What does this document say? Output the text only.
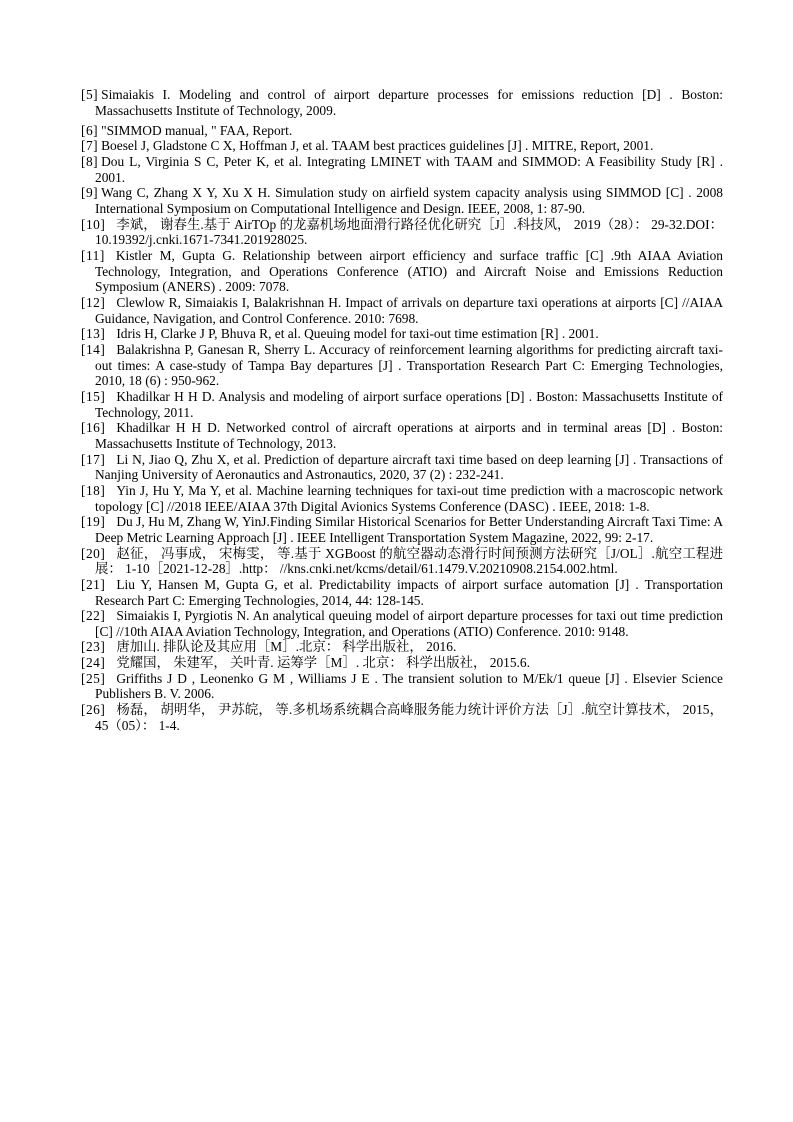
[5] Simaiakis I. Modeling and control of airport departure processes for emissions reduction [D] . Boston: Massachusetts Institute of Technology, 2009.

[6] "SIMMOD manual, " FAA, Report.

[7] Boesel J, Gladstone C X, Hoffman J, et al. TAAM best practices guidelines [J] . MITRE, Report, 2001.

[8] Dou L, Virginia S C, Peter K, et al. Integrating LMINET with TAAM and SIMMOD: A Feasibility Study [R] . 2001.

[9] Wang C, Zhang X Y, Xu X H. Simulation study on airfield system capacity analysis using SIMMOD [C] . 2008 International Symposium on Computational Intelligence and Design. IEEE, 2008, 1: 87-90.

[10] 李斌， 谢春生.基于 AirTOp 的龙嘉机场地面滑行路径优化研究［J］.科技风， 2019（28）： 29-32.DOI： 10.19392/j.cnki.1671-7341.201928025.

[11] Kistler M, Gupta G. Relationship between airport efficiency and surface traffic [C] .9th AIAA Aviation Technology, Integration, and Operations Conference (ATIO) and Aircraft Noise and Emissions Reduction Symposium (ANERS) . 2009: 7078.

[12] Clewlow R, Simaiakis I, Balakrishnan H. Impact of arrivals on departure taxi operations at airports [C] //AIAA Guidance, Navigation, and Control Conference. 2010: 7698.

[13] Idris H, Clarke J P, Bhuva R, et al. Queuing model for taxi-out time estimation [R] . 2001.

[14] Balakrishna P, Ganesan R, Sherry L. Accuracy of reinforcement learning algorithms for predicting aircraft taxi-out times: A case-study of Tampa Bay departures [J] . Transportation Research Part C: Emerging Technologies, 2010, 18 (6) : 950-962.

[15] Khadilkar H H D. Analysis and modeling of airport surface operations [D] . Boston: Massachusetts Institute of Technology, 2011.

[16] Khadilkar H H D. Networked control of aircraft operations at airports and in terminal areas [D] . Boston: Massachusetts Institute of Technology, 2013.

[17] Li N, Jiao Q, Zhu X, et al. Prediction of departure aircraft taxi time based on deep learning [J] . Transactions of Nanjing University of Aeronautics and Astronautics, 2020, 37 (2) : 232-241.

[18] Yin J, Hu Y, Ma Y, et al. Machine learning techniques for taxi-out time prediction with a macroscopic network topology [C] //2018 IEEE/AIAA 37th Digital Avionics Systems Conference (DASC) . IEEE, 2018: 1-8.

[19] Du J, Hu M, Zhang W, YinJ.Finding Similar Historical Scenarios for Better Understanding Aircraft Taxi Time: A Deep Metric Learning Approach [J] . IEEE Intelligent Transportation System Magazine, 2022, 99: 2-17.

[20] 赵征， 冯事成， 宋梅雯， 等.基于 XGBoost 的航空器动态滑行时间预测方法研究［J/OL］.航空工程进展： 1-10［2021-12-28］.http： //kns.cnki.net/kcms/detail/61.1479.V.20210908.2154.002.html.

[21] Liu Y, Hansen M, Gupta G, et al. Predictability impacts of airport surface automation [J] . Transportation Research Part C: Emerging Technologies, 2014, 44: 128-145.

[22] Simaiakis I, Pyrgiotis N. An analytical queuing model of airport departure processes for taxi out time prediction [C] //10th AIAA Aviation Technology, Integration, and Operations (ATIO) Conference. 2010: 9148.

[23] 唐加山. 排队论及其应用［M］.北京： 科学出版社， 2016.

[24] 党耀国， 朱建军， 关叶青. 运筹学［M］. 北京： 科学出版社， 2015.6.

[25] Griffiths J D , Leonenko G M , Williams J E . The transient solution to M/Ek/1 queue [J] . Elsevier Science Publishers B. V. 2006.

[26] 杨磊， 胡明华， 尹苏皖， 等.多机场系统耦合高峰服务能力统计评价方法［J］.航空计算技术， 2015， 45（05）： 1-4.
